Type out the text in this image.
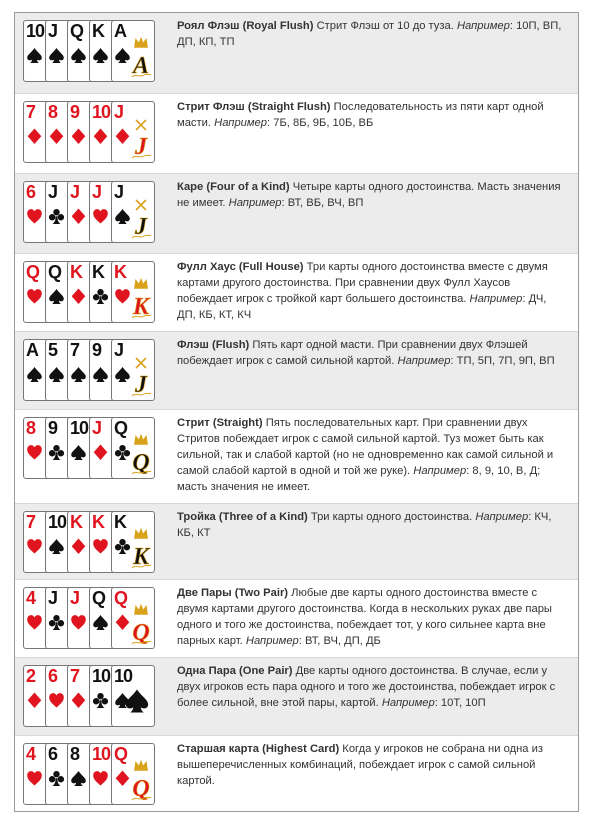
10 J Q K A
A
Роял Флэш (Royal Flush) Стрит Флэш от 10 до туза. Например: 10П, ВП, ДП, КП, ТП
7 8 9 10 J
J
Стрит Флэш (Straight Flush) Последовательность из пяти карт одной масти. Например: 7Б, 8Б, 9Б, 10Б, ВБ
6 J J J J
J
Каре (Four of a Kind) Четыре карты одного достоинства. Масть значения не имеет. Например: ВТ, ВБ, ВЧ, ВП
Q Q K K K
K
Фулл Хаус (Full House) Три карты одного достоинства вместе с двумя картами другого достоинства. При сравнении двух Фулл Хаусов побеждает игрок с тройкой карт большего достоинства. Например: ДЧ, ДП, КБ, КТ, КЧ
A 5 7 9 J
J
Флэш (Flush) Пять карт одной масти. При сравнении двух Флэшей побеждает игрок с самой сильной картой. Например: ТП, 5П, 7П, 9П, ВП
8 9 10 J Q
Q
Стрит (Straight) Пять последовательных карт. При сравнении двух Стритов побеждает игрок с самой сильной картой. Туз может быть как сильной, так и слабой картой (но не одновременно как самой сильной и самой слабой картой в одной и той же руке). Например: 8, 9, 10, В, Д; масть значения не имеет.
7 10 K K K
K
Тройка (Three of a Kind) Три карты одного достоинства. Например: КЧ, КБ, КТ
4 J J Q Q
Q
Две Пары (Two Pair) Любые две карты одного достоинства вместе с двумя картами другого достоинства. Когда в нескольких руках две пары одного и того же достоинства, побеждает тот, у кого сильнее карта вне парных карт. Например: ВТ, ВЧ, ДП, ДБ
2 6 7 10 10	Одна Пара (One Pair) Две карты одного достоинства. В случае, если у двух игроков есть пара одного и того же достоинства, побеждает игрок с более сильной, вне этой пары, картой. Например: 10Т, 10П
4 6 8 10 Q
Q
Старшая карта (Highest Card) Когда у игроков не собрана ни одна из вышеперечисленных комбинаций, побеждает игрок с самой сильной картой.
